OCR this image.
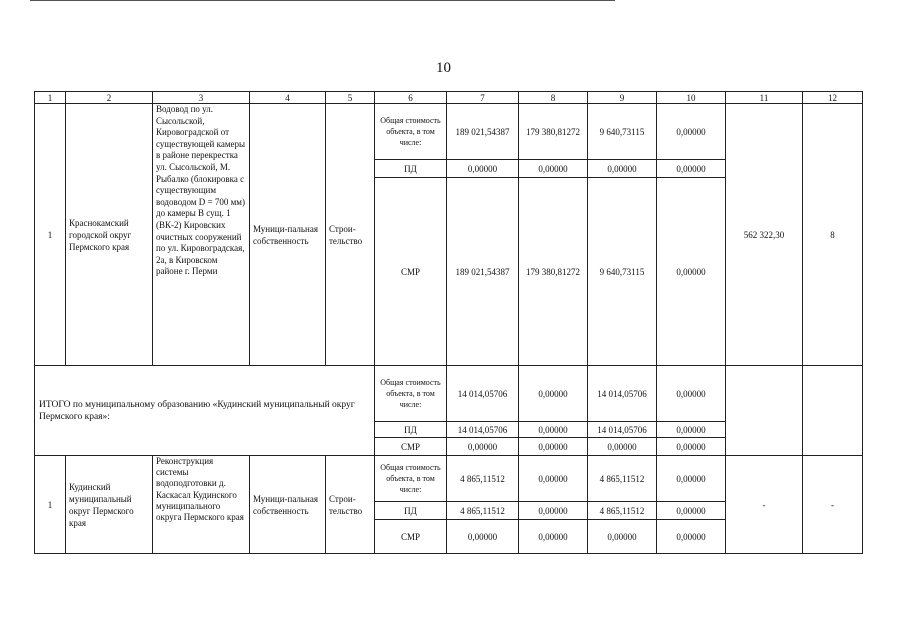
10
1	2	3	4	5	6	7	8	9	10	11	12
1	Краснокамский городской округ Пермского края	Водовод по ул. Сысольской, Кировоградской от существующей камеры в районе перекрестка ул. Сысольской, М. Рыбалко (блокировка с существующим водоводом D = 700 мм) до камеры В сущ. 1 (ВК-2) Кировских очистных сооружений по ул. Кировоградская, 2а, в Кировском районе г. Перми	Муници-пальная собственность	Строи-тельство	Общая стоимость объекта, в том числе:	189 021,54387	179 380,81272	9 640,73115	0,00000	562 322,30	8
					ПД	0,00000	0,00000	0,00000	0,00000		
					СМР	189 021,54387	179 380,81272	9 640,73115	0,00000		
ИТОГО по муниципальному образованию «Кудинский муниципальный округ Пермского края»:					Общая стоимость объекта, в том числе:	14 014,05706	0,00000	14 014,05706	0,00000		
					ПД	14 014,05706	0,00000	14 014,05706	0,00000		
					СМР	0,00000	0,00000	0,00000	0,00000		
1	Кудинский муниципальный округ Пермского края	Реконструкция системы водоподготовки д. Каскасал Кудинского муниципального округа Пермского края	Муници-пальная собственность	Строи-тельство	Общая стоимость объекта, в том числе:	4 865,11512	0,00000	4 865,11512	0,00000	-	-
					ПД	4 865,11512	0,00000	4 865,11512	0,00000		
					СМР	0,00000	0,00000	0,00000	0,00000		
